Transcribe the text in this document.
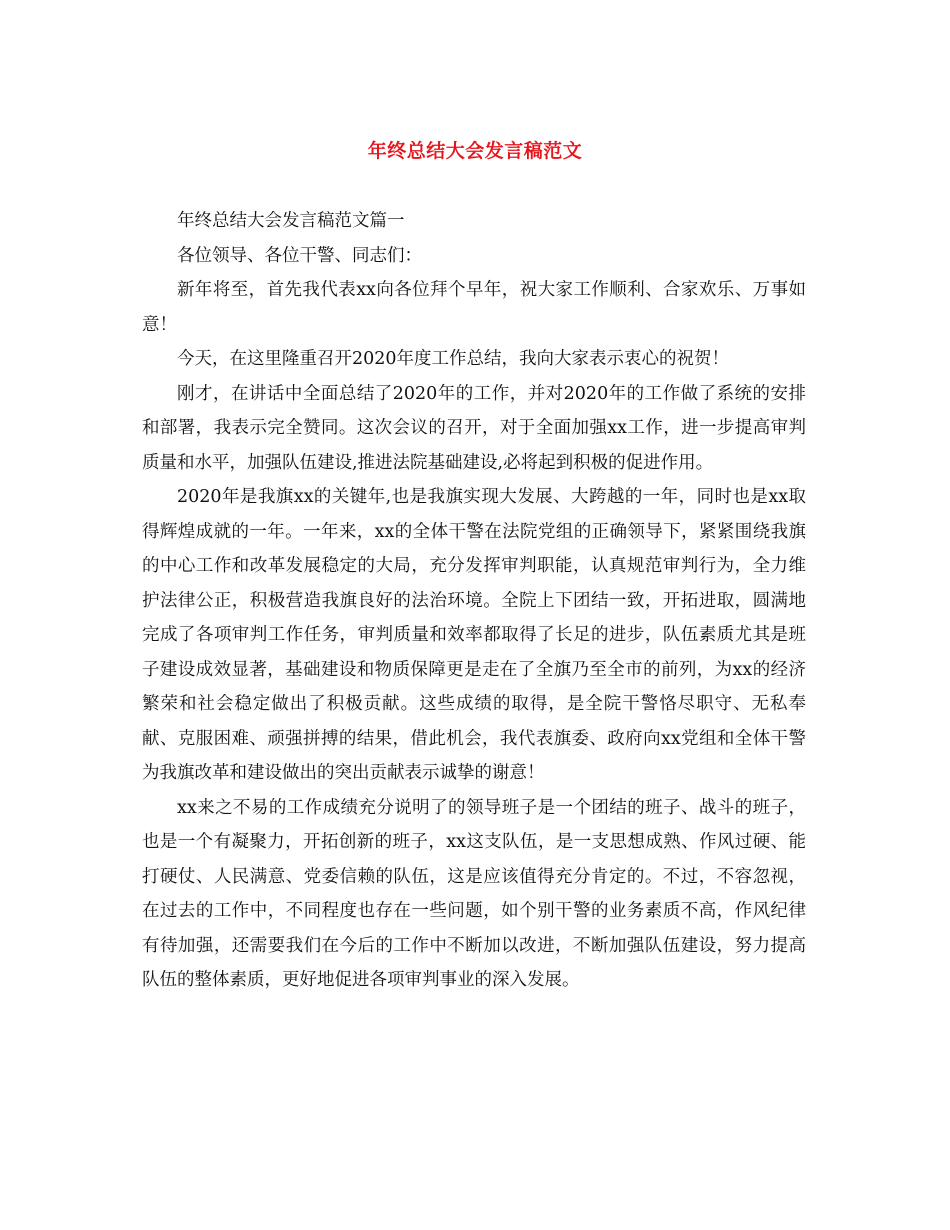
年终总结大会发言稿范文

年终总结大会发言稿范文篇一

各位领导、各位干警、同志们：

新年将至，首先我代表xx向各位拜个早年，祝大家工作顺利、合家欢乐、万事如意！

今天，在这里隆重召开2020年度工作总结，我向大家表示衷心的祝贺！

刚才，在讲话中全面总结了2020年的工作，并对2020年的工作做了系统的安排和部署，我表示完全赞同。这次会议的召开，对于全面加强xx工作，进一步提高审判质量和水平，加强队伍建设,推进法院基础建设,必将起到积极的促进作用。

2020年是我旗xx的关键年,也是我旗实现大发展、大跨越的一年，同时也是xx取得辉煌成就的一年。一年来，xx的全体干警在法院党组的正确领导下，紧紧围绕我旗的中心工作和改革发展稳定的大局，充分发挥审判职能，认真规范审判行为，全力维护法律公正，积极营造我旗良好的法治环境。全院上下团结一致，开拓进取，圆满地完成了各项审判工作任务，审判质量和效率都取得了长足的进步，队伍素质尤其是班子建设成效显著，基础建设和物质保障更是走在了全旗乃至全市的前列，为xx的经济繁荣和社会稳定做出了积极贡献。这些成绩的取得，是全院干警恪尽职守、无私奉献、克服困难、顽强拼搏的结果，借此机会，我代表旗委、政府向xx党组和全体干警为我旗改革和建设做出的突出贡献表示诚挚的谢意！

xx来之不易的工作成绩充分说明了的领导班子是一个团结的班子、战斗的班子，也是一个有凝聚力，开拓创新的班子，xx这支队伍，是一支思想成熟、作风过硬、能打硬仗、人民满意、党委信赖的队伍，这是应该值得充分肯定的。不过，不容忽视，在过去的工作中，不同程度也存在一些问题，如个别干警的业务素质不高，作风纪律有待加强，还需要我们在今后的工作中不断加以改进，不断加强队伍建设，努力提高队伍的整体素质，更好地促进各项审判事业的深入发展。
